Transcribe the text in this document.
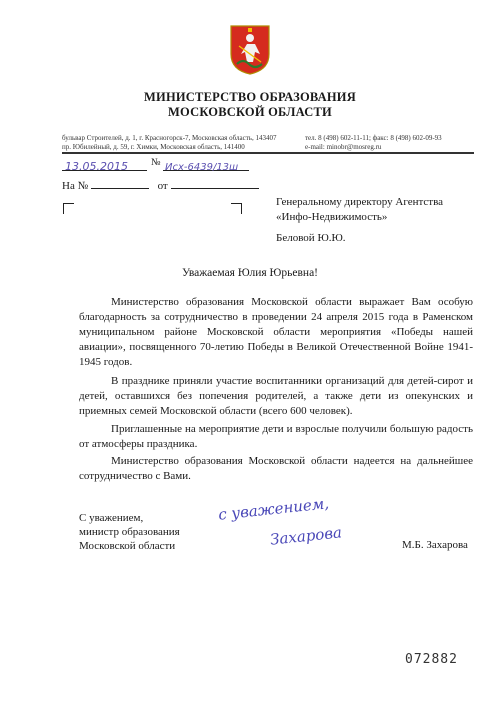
МИНИСТЕРСТВО ОБРАЗОВАНИЯ
МОСКОВСКОЙ ОБЛАСТИ
бульвар Строителей, д. 1, г. Красногорск-7, Московская область, 143407
пр. Юбилейный, д. 59, г. Химки, Московская область, 141400
тел. 8 (498) 602-11-11; факс: 8 (498) 602-09-93
e-mail: minobr@mosreg.ru
13.05.2015	№ Исх-6439/13ш
На №	от
Генеральному директору Агентства
«Инфо-Недвижимость»
Беловой Ю.Ю.
Уважаемая Юлия Юрьевна!
Министерство образования Московской области выражает Вам особую благодарность за сотрудничество в проведении 24 апреля 2015 года в Раменском муниципальном районе Московской области мероприятия «Победы нашей авиации», посвященного 70-летию Победы в Великой Отечественной Войне 1941-1945 годов.
В празднике приняли участие воспитанники организаций для детей-сирот и детей, оставшихся без попечения родителей, а также дети из опекунских и приемных семей Московской области (всего 600 человек).
Приглашенные на мероприятие дети и взрослые получили большую радость от атмосферы праздника.
Министерство образования Московской области надеется на дальнейшее сотрудничество с Вами.
С уважением,
министр образования
Московской области
с уважением,
Захарова	М.Б. Захарова
072882
